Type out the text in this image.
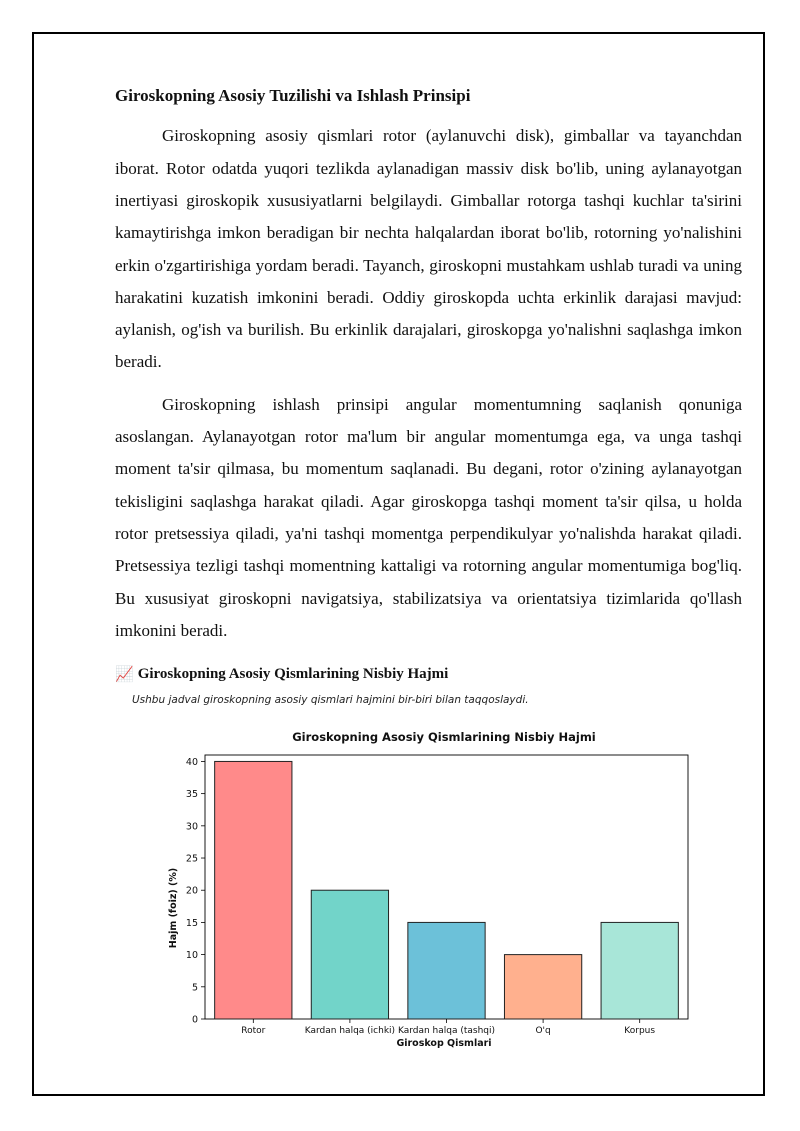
Giroskopning Asosiy Tuzilishi va Ishlash Prinsipi

Giroskopning asosiy qismlari rotor (aylanuvchi disk), gimballar va tayanchdan iborat. Rotor odatda yuqori tezlikda aylanadigan massiv disk bo'lib, uning aylanayotgan inertiyasi giroskopik xususiyatlarni belgilaydi. Gimballar rotorga tashqi kuchlar ta'sirini kamaytirishga imkon beradigan bir nechta halqalardan iborat bo'lib, rotorning yo'nalishini erkin o'zgartirishiga yordam beradi. Tayanch, giroskopni mustahkam ushlab turadi va uning harakatini kuzatish imkonini beradi. Oddiy giroskopda uchta erkinlik darajasi mavjud: aylanish, og'ish va burilish. Bu erkinlik darajalari, giroskopga yo'nalishni saqlashga imkon beradi.

Giroskopning ishlash prinsipi angular momentumning saqlanish qonuniga asoslangan. Aylanayotgan rotor ma'lum bir angular momentumga ega, va unga tashqi moment ta'sir qilmasa, bu momentum saqlanadi. Bu degani, rotor o'zining aylanayotgan tekisligini saqlashga harakat qiladi. Agar giroskopga tashqi moment ta'sir qilsa, u holda rotor pretsessiya qiladi, ya'ni tashqi momentga perpendikulyar yo'nalishda harakat qiladi. Pretsessiya tezligi tashqi momentning kattaligi va rotorning angular momentumiga bog'liq. Bu xususiyat giroskopni navigatsiya, stabilizatsiya va orientatsiya tizimlarida qo'llash imkonini beradi.

📈 Giroskopning Asosiy Qismlarining Nisbiy Hajmi
Ushbu jadval giroskopning asosiy qismlari hajmini bir-biri bilan taqqoslaydi.
Giroskopning Asosiy Qismlarining Nisbiy Hajmi
0
5
10
15
20
25
30
35
40
Rotor	Kardan halqa (ichki) Kardan halqa (tashqi)	O'q	Korpus
Giroskop Qismlari
Hajm (foiz) (%)
